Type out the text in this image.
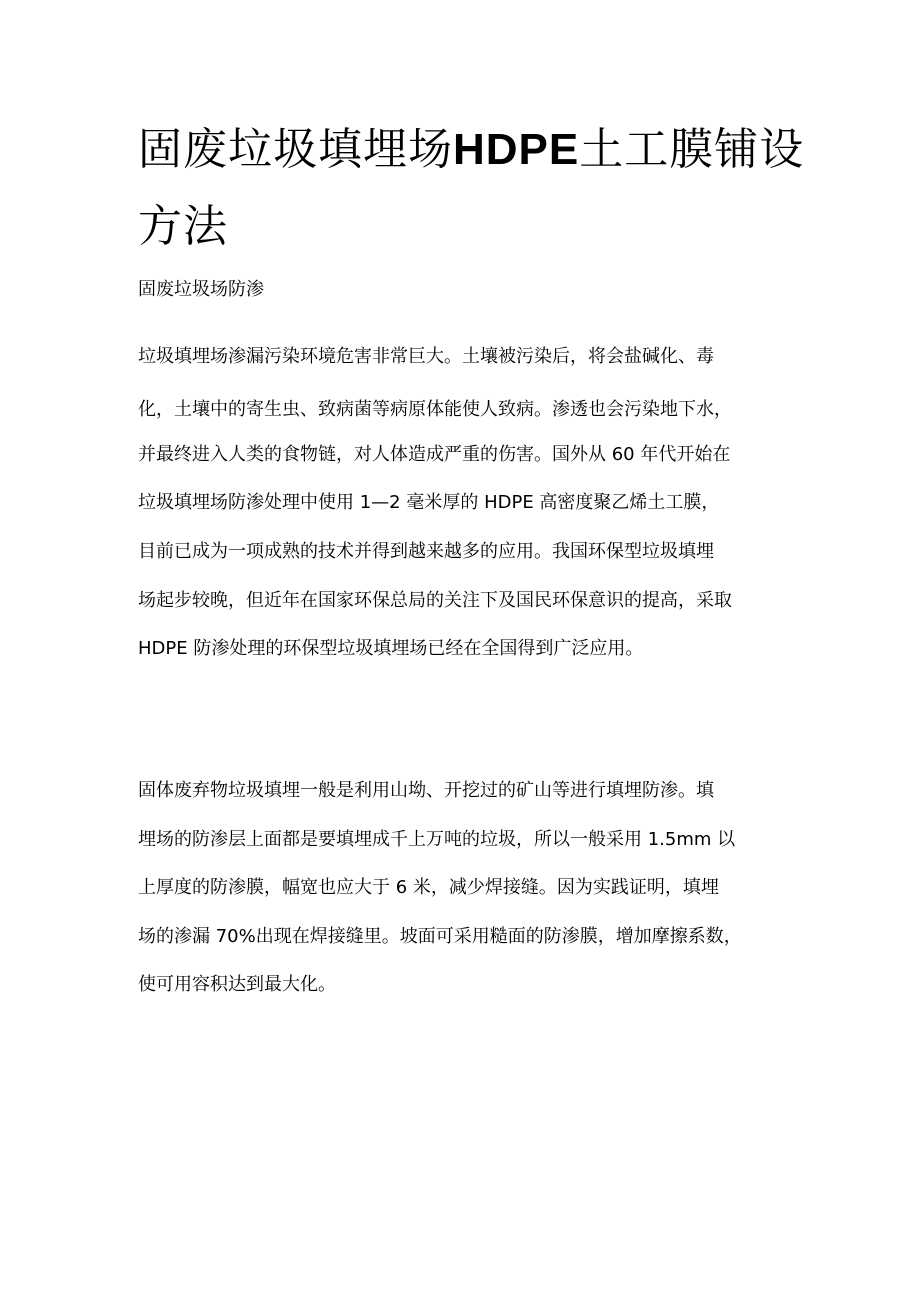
固废垃圾填埋场HDPE土工膜铺设
方法

固废垃圾场防渗

垃圾填埋场渗漏污染环境危害非常巨大。土壤被污染后，将会盐碱化、毒

化，土壤中的寄生虫、致病菌等病原体能使人致病。渗透也会污染地下水，

并最终进入人类的食物链，对人体造成严重的伤害。国外从 60 年代开始在

垃圾填埋场防渗处理中使用 1—2 毫米厚的 HDPE 高密度聚乙烯土工膜，

目前已成为一项成熟的技术并得到越来越多的应用。我国环保型垃圾填埋

场起步较晚，但近年在国家环保总局的关注下及国民环保意识的提高，采取

HDPE 防渗处理的环保型垃圾填埋场已经在全国得到广泛应用。

固体废弃物垃圾填埋一般是利用山坳、开挖过的矿山等进行填埋防渗。填

埋场的防渗层上面都是要填埋成千上万吨的垃圾，所以一般采用 1.5mm 以

上厚度的防渗膜，幅宽也应大于 6 米，减少焊接缝。因为实践证明，填埋

场的渗漏 70%出现在焊接缝里。坡面可采用糙面的防渗膜，增加摩擦系数，

使可用容积达到最大化。
